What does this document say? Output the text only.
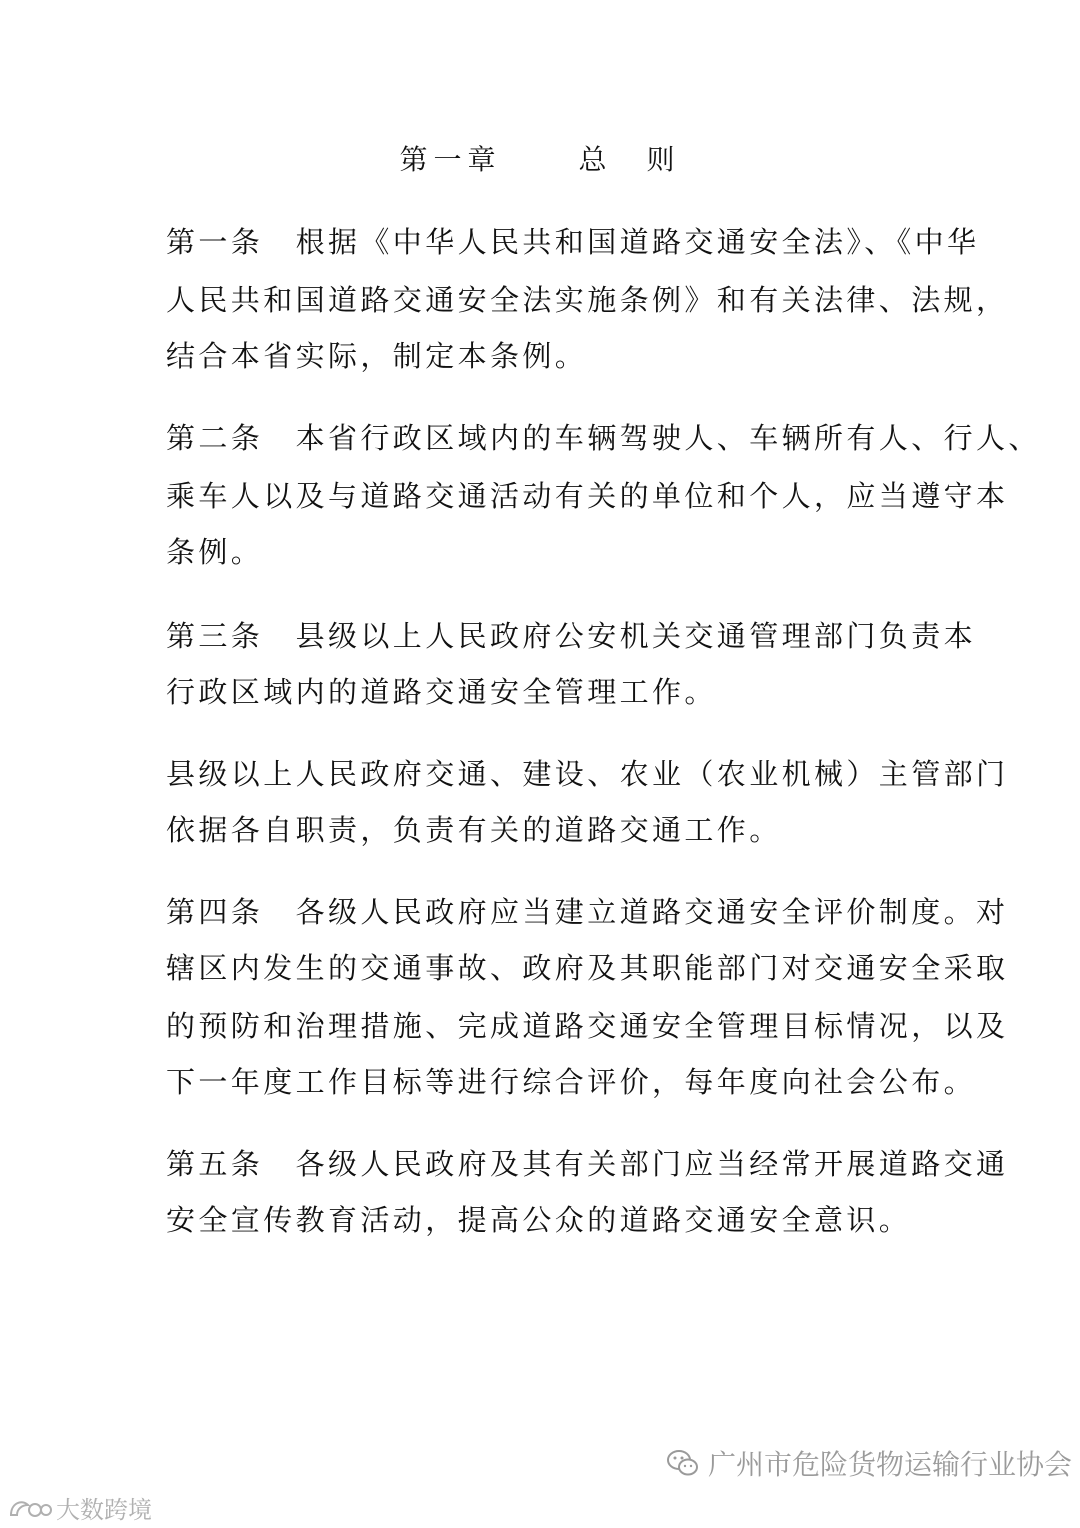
第一章　 总　则
第一条　根据《中华人民共和国道路交通安全法》、《中华
人民共和国道路交通安全法实施条例》和有关法律、法规，
结合本省实际，制定本条例。
第二条　本省行政区域内的车辆驾驶人、车辆所有人、行人、
乘车人以及与道路交通活动有关的单位和个人，应当遵守本
条例。
第三条　县级以上人民政府公安机关交通管理部门负责本
行政区域内的道路交通安全管理工作。
县级以上人民政府交通、建设、农业（农业机械）主管部门
依据各自职责，负责有关的道路交通工作。
第四条　各级人民政府应当建立道路交通安全评价制度。对
辖区内发生的交通事故、政府及其职能部门对交通安全采取
的预防和治理措施、完成道路交通安全管理目标情况，以及
下一年度工作目标等进行综合评价，每年度向社会公布。
第五条　各级人民政府及其有关部门应当经常开展道路交通
安全宣传教育活动，提高公众的道路交通安全意识。
广州市危险货物运输行业协会
大数跨境
